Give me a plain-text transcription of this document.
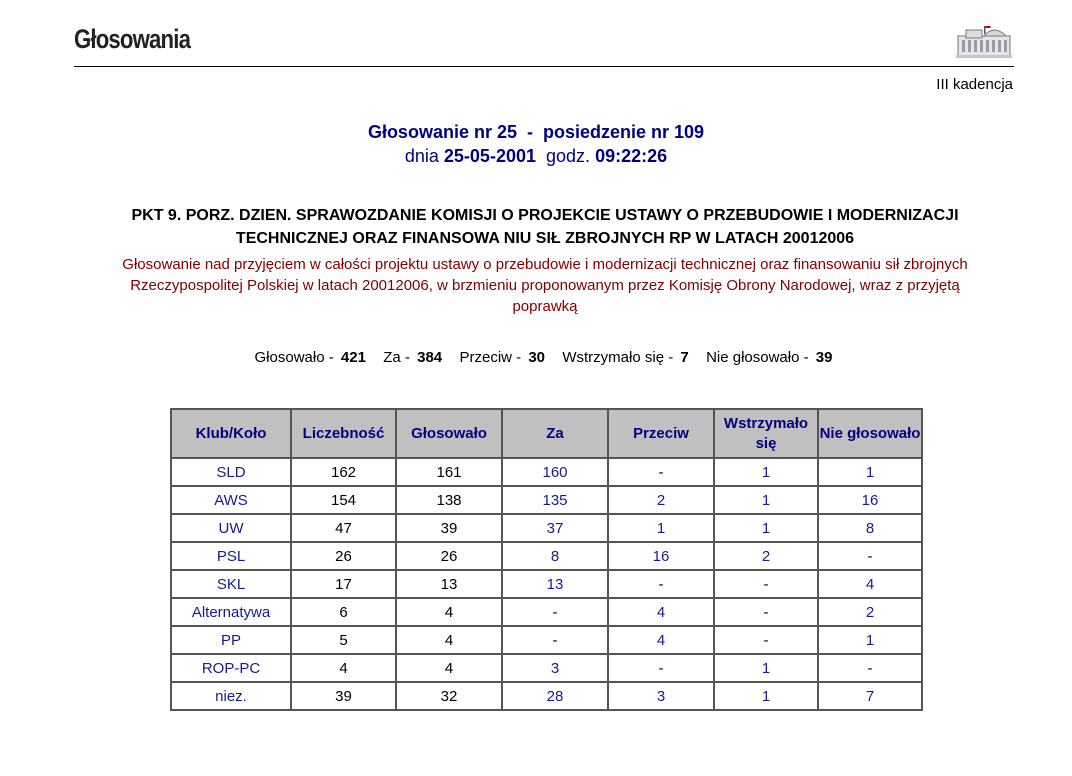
Głosowania
III kadencja
Głosowanie nr 25  -  posiedzenie nr 109
dnia 25-05-2001 godz. 09:22:26
PKT 9. PORZ. DZIEN. SPRAWOZDANIE KOMISJI O PROJEKCIE USTAWY O PRZEBUDOWIE I MODERNIZACJI TECHNICZNEJ ORAZ FINANSOWA NIU SIŁ ZBROJNYCH RP W LATACH 20012006
Głosowanie nad przyjęciem w całości projektu ustawy o przebudowie i modernizacji technicznej oraz finansowaniu sił zbrojnych Rzeczypospolitej Polskiej w latach 20012006, w brzmieniu proponowanym przez Komisję Obrony Narodowej, wraz z przyjętą poprawką
Głosowało - 421 Za - 384 Przeciw - 30 Wstrzymało się - 7 Nie głosowało - 39
Klub/Koło	Liczebność	Głosowało	Za	Przeciw	Wstrzymało się	Nie głosowało
SLD	162	161	160	-	1	1
AWS	154	138	135	2	1	16
UW	47	39	37	1	1	8
PSL	26	26	8	16	2	-
SKL	17	13	13	-	-	4
Alternatywa	6	4	-	4	-	2
PP	5	4	-	4	-	1
ROP-PC	4	4	3	-	1	-
niez.	39	32	28	3	1	7
